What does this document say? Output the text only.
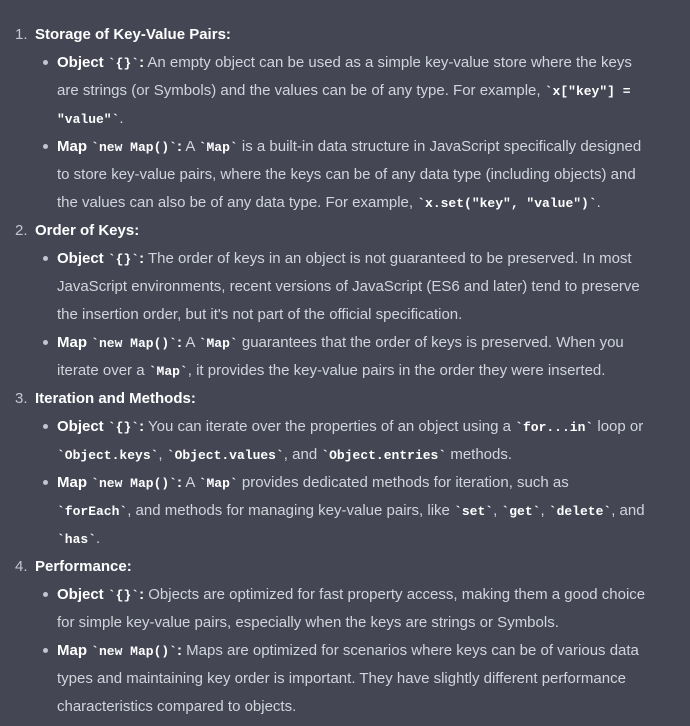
1. Storage of Key-Value Pairs:
Object `{}`: An empty object can be used as a simple key-value store where the keys
are strings (or Symbols) and the values can be of any type. For example, `x["key"] =
"value"`.
Map `new Map()`: A `Map` is a built-in data structure in JavaScript specifically designed
to store key-value pairs, where the keys can be of any data type (including objects) and
the values can also be of any data type. For example, `x.set("key", "value")`.
2. Order of Keys:
Object `{}`: The order of keys in an object is not guaranteed to be preserved. In most
JavaScript environments, recent versions of JavaScript (ES6 and later) tend to preserve
the insertion order, but it's not part of the official specification.
Map `new Map()`: A `Map` guarantees that the order of keys is preserved. When you
iterate over a `Map`, it provides the key-value pairs in the order they were inserted.
3. Iteration and Methods:
Object `{}`: You can iterate over the properties of an object using a `for...in` loop or
`Object.keys`, `Object.values`, and `Object.entries` methods.
Map `new Map()`: A `Map` provides dedicated methods for iteration, such as
`forEach`, and methods for managing key-value pairs, like `set`, `get`, `delete`, and
`has`.
4. Performance:
Object `{}`: Objects are optimized for fast property access, making them a good choice
for simple key-value pairs, especially when the keys are strings or Symbols.
Map `new Map()`: Maps are optimized for scenarios where keys can be of various data
types and maintaining key order is important. They have slightly different performance
characteristics compared to objects.
